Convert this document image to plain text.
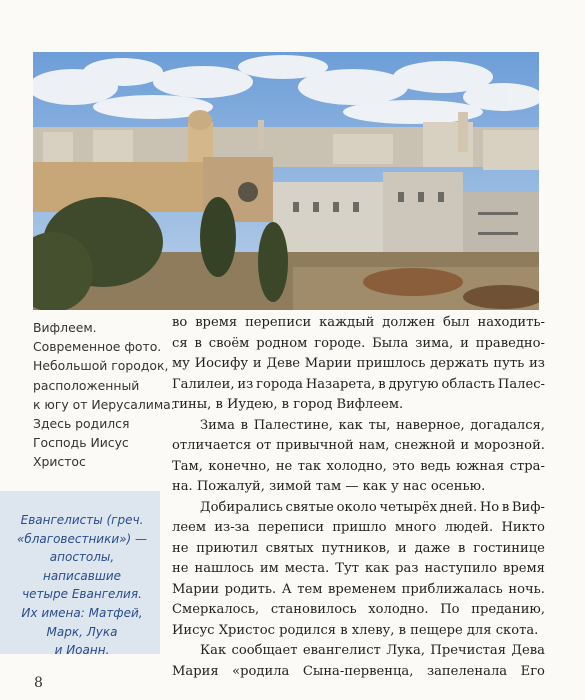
Вифлеем.
Современное фото.
Небольшой городок,
расположенный
к югу от Иерусалима.
Здесь родился
Господь Иисус
Христос
Евангелисты (греч.
«благовестники») —
апостолы,
написавшие
четыре Евангелия.
Их имена: Матфей,
Марк, Лука
и Иоанн.
во время переписи каждый должен был находить-
ся в своём родном городе. Была зима, и праведно-
му Иосифу и Деве Марии пришлось держать путь из
Галилеи, из города Назарета, в другую область Палес-
тины, в Иудею, в город Вифлеем.
Зима в Палестине, как ты, наверное, догадался,
отличается от привычной нам, снежной и морозной.
Там, конечно, не так холодно, это ведь южная стра-
на. Пожалуй, зимой там — как у нас осенью.
Добирались святые около четырёх дней. Но в Виф-
леем из-за переписи пришло много людей. Никто
не приютил святых путников, и даже в гостинице
не нашлось им места. Тут как раз наступило время
Марии родить. А тем временем приближалась ночь.
Смеркалось, становилось холодно. По преданию,
Иисус Христос родился в хлеву, в пещере для скота.
Как сообщает евангелист Лука, Пречистая Дева
Мария «родила Сына-первенца, запеленала Его
8
